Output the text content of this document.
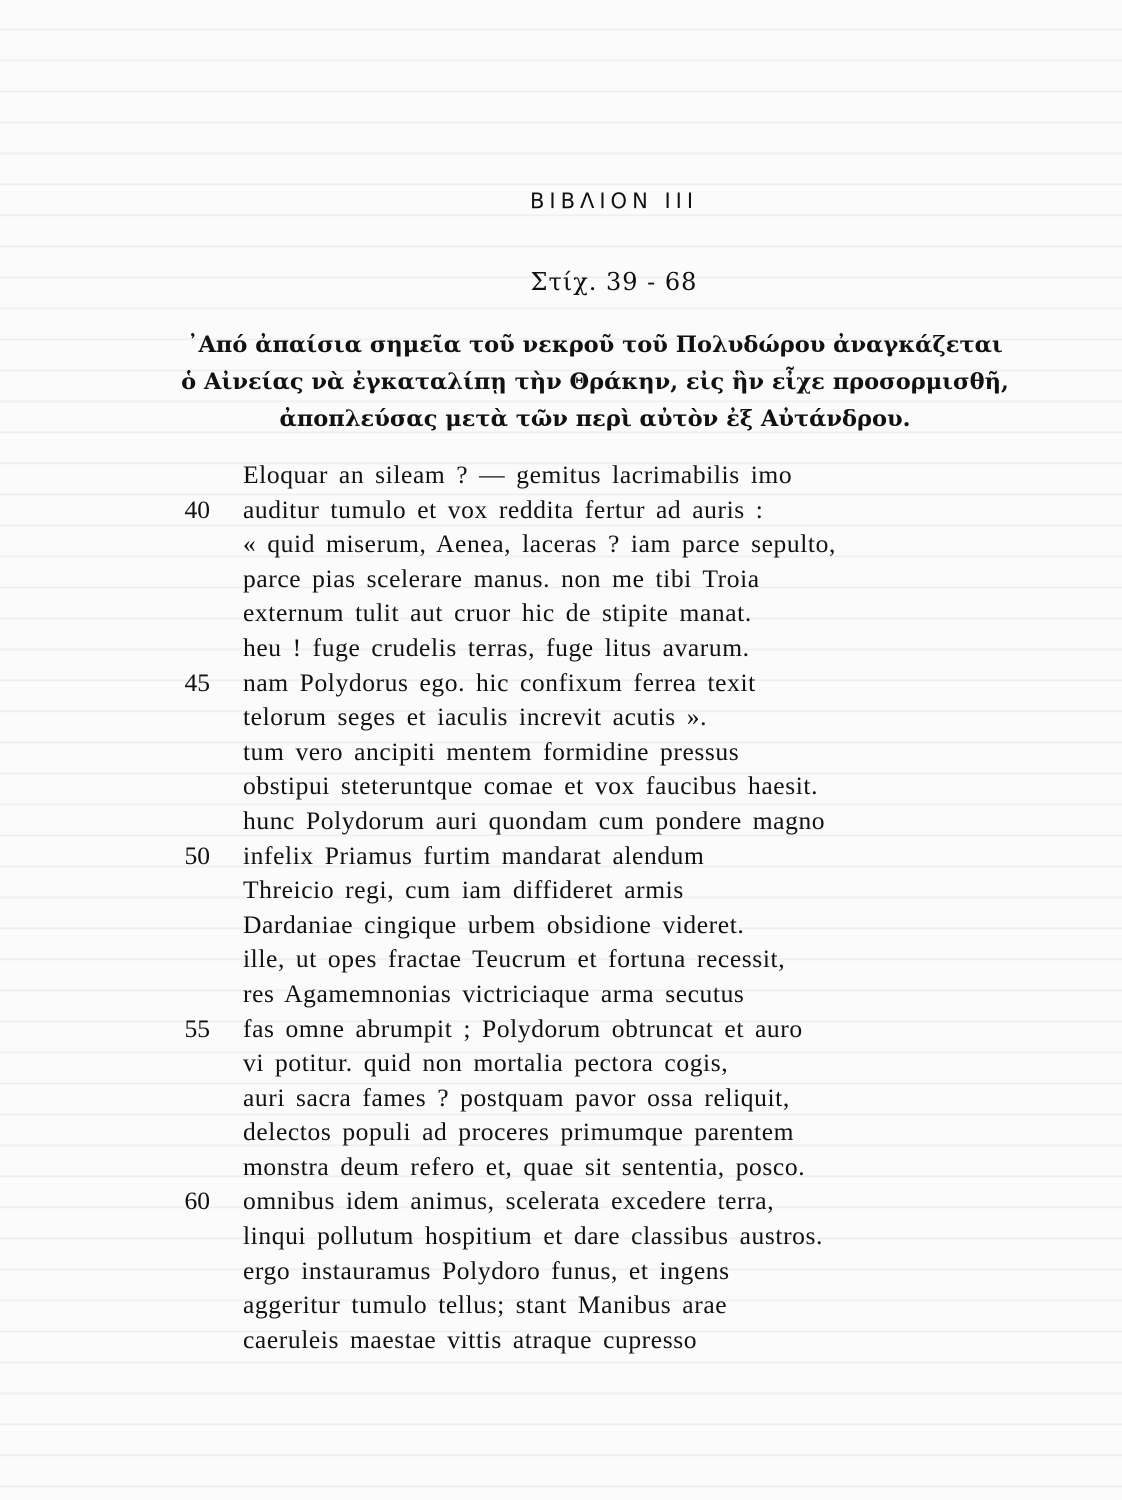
ΒΙΒΛΙΟΝ III
Στίχ. 39 - 68
᾿Από ἀπαίσια σημεῖα τοῦ νεκροῦ τοῦ Πολυδώρου ἀναγκάζεται
ὁ Αἰνείας νὰ ἐγκαταλίπῃ τὴν Θράκην, εἰς ἣν εἶχε προσορμισθῆ,
ἀποπλεύσας μετὰ τῶν περὶ αὐτὸν ἐξ Αὐτάνδρου.
Eloquar an sileam ? — gemitus lacrimabilis imo
40 auditur tumulo et vox reddita fertur ad auris :
« quid miserum, Aenea, laceras ? iam parce sepulto,
parce pias scelerare manus. non me tibi Troia
externum tulit aut cruor hic de stipite manat.
heu ! fuge crudelis terras, fuge litus avarum.
45 nam Polydorus ego. hic confixum ferrea texit
telorum seges et iaculis increvit acutis ».
tum vero ancipiti mentem formidine pressus
obstipui steteruntque comae et vox faucibus haesit.
hunc Polydorum auri quondam cum pondere magno
50 infelix Priamus furtim mandarat alendum
Threicio regi, cum iam diffideret armis
Dardaniae cingique urbem obsidione videret.
ille, ut opes fractae Teucrum et fortuna recessit,
res Agamemnonias victriciaque arma secutus
55 fas omne abrumpit ; Polydorum obtruncat et auro
vi potitur. quid non mortalia pectora cogis,
auri sacra fames ? postquam pavor ossa reliquit,
delectos populi ad proceres primumque parentem
monstra deum refero et, quae sit sententia, posco.
60 omnibus idem animus, scelerata excedere terra,
linqui pollutum hospitium et dare classibus austros.
ergo instauramus Polydoro funus, et ingens
aggeritur tumulo tellus; stant Manibus arae
caeruleis maestae vittis atraque cupresso
